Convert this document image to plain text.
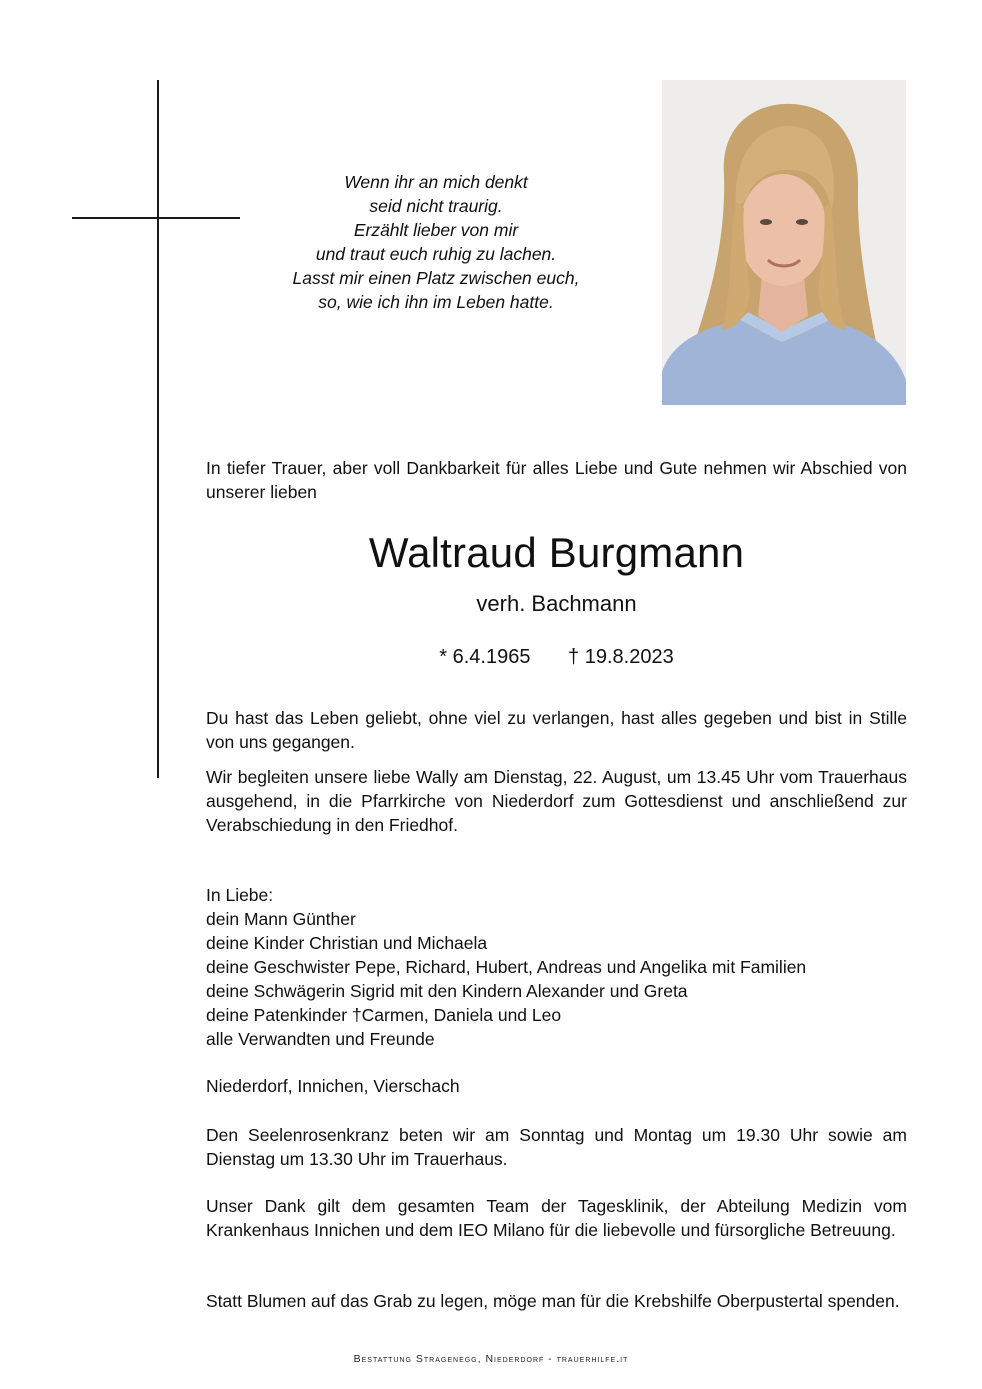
Wenn ihr an mich denkt
seid nicht traurig.
Erzählt lieber von mir
und traut euch ruhig zu lachen.
Lasst mir einen Platz zwischen euch,
so, wie ich ihn im Leben hatte.
In tiefer Trauer, aber voll Dankbarkeit für alles Liebe und Gute nehmen wir Abschied von unserer lieben
Waltraud Burgmann
verh. Bachmann
* 6.4.1965 † 19.8.2023
Du hast das Leben geliebt, ohne viel zu verlangen, hast alles gegeben und bist in Stille von uns gegangen.
Wir begleiten unsere liebe Wally am Dienstag, 22. August, um 13.45 Uhr vom Trauerhaus ausgehend, in die Pfarrkirche von Niederdorf zum Gottesdienst und anschließend zur Verabschiedung in den Friedhof.
In Liebe:
dein Mann Günther
deine Kinder Christian und Michaela
deine Geschwister Pepe, Richard, Hubert, Andreas und Angelika mit Familien
deine Schwägerin Sigrid mit den Kindern Alexander und Greta
deine Patenkinder †Carmen, Daniela und Leo
alle Verwandten und Freunde
Niederdorf, Innichen, Vierschach
Den Seelenrosenkranz beten wir am Sonntag und Montag um 19.30 Uhr sowie am Dienstag um 13.30 Uhr im Trauerhaus.
Unser Dank gilt dem gesamten Team der Tagesklinik, der Abteilung Medizin vom Krankenhaus Innichen und dem IEO Milano für die liebevolle und fürsorgliche Betreuung.
Statt Blumen auf das Grab zu legen, möge man für die Krebshilfe Oberpustertal spenden.
Bestattung Stragenegg, Niederdorf - trauerhilfe.it
